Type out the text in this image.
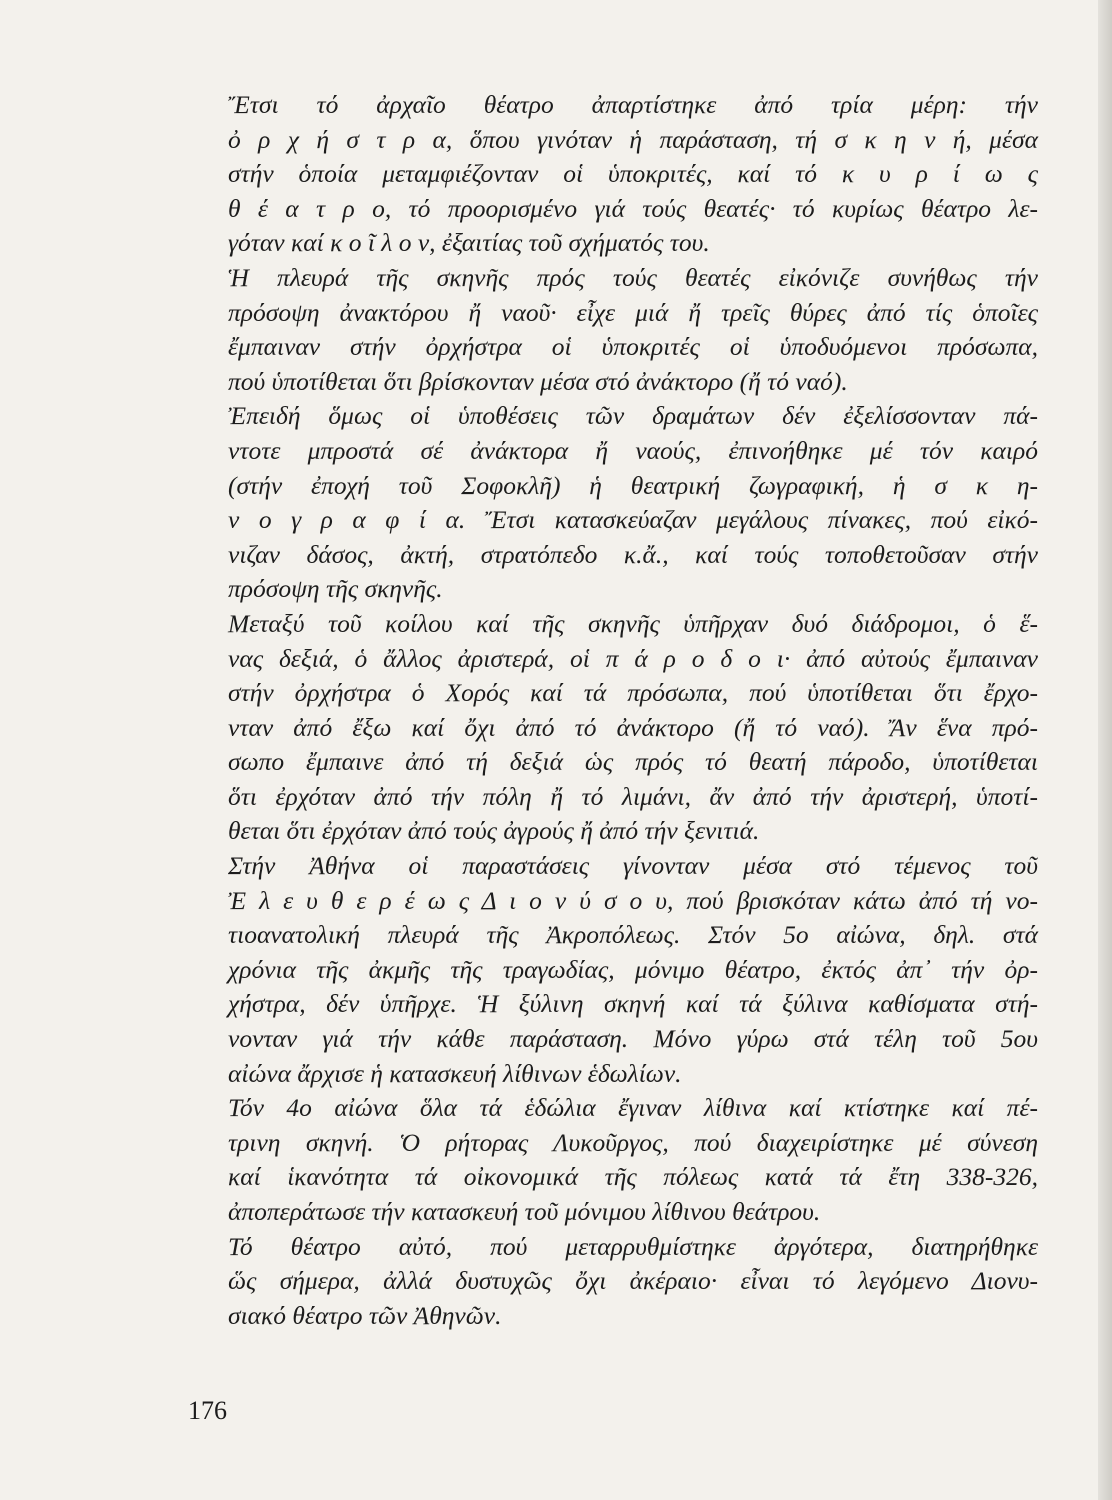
Ἔτσι τό ἀρχαῖο θέατρο ἀπαρτίστηκε ἀπό τρία μέρη: τήν
ὀ ρ χ ή σ τ ρ α, ὅπου γινόταν ἡ παράσταση, τή σ κ η ν ή, μέσα
στήν ὁποία μεταμφιέζονταν οἱ ὑποκριτές, καί τό κ υ ρ ί ω ς
θ έ α τ ρ ο, τό προορισμένο γιά τούς θεατές· τό κυρίως θέατρο λε-
γόταν καί κ ο ῖ λ ο ν, ἐξαιτίας τοῦ σχήματός του.

Ἡ πλευρά τῆς σκηνῆς πρός τούς θεατές εἰκόνιζε συνήθως τήν
πρόσοψη ἀνακτόρου ἤ ναοῦ· εἶχε μιά ἤ τρεῖς θύρες ἀπό τίς ὁποῖες
ἔμπαιναν στήν ὀρχήστρα οἱ ὑποκριτές οἱ ὑποδυόμενοι πρόσωπα,
πού ὑποτίθεται ὅτι βρίσκονταν μέσα στό ἀνάκτορο (ἤ τό ναό).

Ἐπειδή ὅμως οἱ ὑποθέσεις τῶν δραμάτων δέν ἐξελίσσονταν πά-
ντοτε μπροστά σέ ἀνάκτορα ἤ ναούς, ἐπινοήθηκε μέ τόν καιρό
(στήν ἐποχή τοῦ Σοφοκλῆ) ἡ θεατρική ζωγραφική, ἡ σ κ η-
ν ο γ ρ α φ ί α. Ἔτσι κατασκεύαζαν μεγάλους πίνακες, πού εἰκό-
νιζαν δάσος, ἀκτή, στρατόπεδο κ.ἄ., καί τούς τοποθετοῦσαν στήν
πρόσοψη τῆς σκηνῆς.

Μεταξύ τοῦ κοίλου καί τῆς σκηνῆς ὑπῆρχαν δυό διάδρομοι, ὁ ἕ-
νας δεξιά, ὁ ἄλλος ἀριστερά, οἱ π ά ρ ο δ ο ι· ἀπό αὐτούς ἔμπαιναν
στήν ὀρχήστρα ὁ Χορός καί τά πρόσωπα, πού ὑποτίθεται ὅτι ἔρχο-
νταν ἀπό ἔξω καί ὄχι ἀπό τό ἀνάκτορο (ἤ τό ναό). Ἄν ἕνα πρό-
σωπο ἔμπαινε ἀπό τή δεξιά ὡς πρός τό θεατή πάροδο, ὑποτίθεται
ὅτι ἐρχόταν ἀπό τήν πόλη ἤ τό λιμάνι, ἄν ἀπό τήν ἀριστερή, ὑποτί-
θεται ὅτι ἐρχόταν ἀπό τούς ἀγρούς ἤ ἀπό τήν ξενιτιά.

Στήν Ἀθήνα οἱ παραστάσεις γίνονταν μέσα στό τέμενος τοῦ
Ἐ λ ε υ θ ε ρ έ ω ς Δ ι ο ν ύ σ ο υ, πού βρισκόταν κάτω ἀπό τή νο-
τιοανατολική πλευρά τῆς Ἀκροπόλεως. Στόν 5ο αἰώνα, δηλ. στά
χρόνια τῆς ἀκμῆς τῆς τραγωδίας, μόνιμο θέατρο, ἐκτός ἀπ᾽ τήν ὀρ-
χήστρα, δέν ὑπῆρχε. Ἡ ξύλινη σκηνή καί τά ξύλινα καθίσματα στή-
νονταν γιά τήν κάθε παράσταση. Μόνο γύρω στά τέλη τοῦ 5ου
αἰώνα ἄρχισε ἡ κατασκευή λίθινων ἑδωλίων.

Τόν 4ο αἰώνα ὅλα τά ἑδώλια ἔγιναν λίθινα καί κτίστηκε καί πέ-
τρινη σκηνή. Ὁ ρήτορας Λυκοῦργος, πού διαχειρίστηκε μέ σύνεση
καί ἱκανότητα τά οἰκονομικά τῆς πόλεως κατά τά ἔτη 338-326,
ἀποπεράτωσε τήν κατασκευή τοῦ μόνιμου λίθινου θεάτρου.

Τό θέατρο αὐτό, πού μεταρρυθμίστηκε ἀργότερα, διατηρήθηκε
ὥς σήμερα, ἀλλά δυστυχῶς ὄχι ἀκέραιο· εἶναι τό λεγόμενο Διονυ-
σιακό θέατρο τῶν Ἀθηνῶν.

176
